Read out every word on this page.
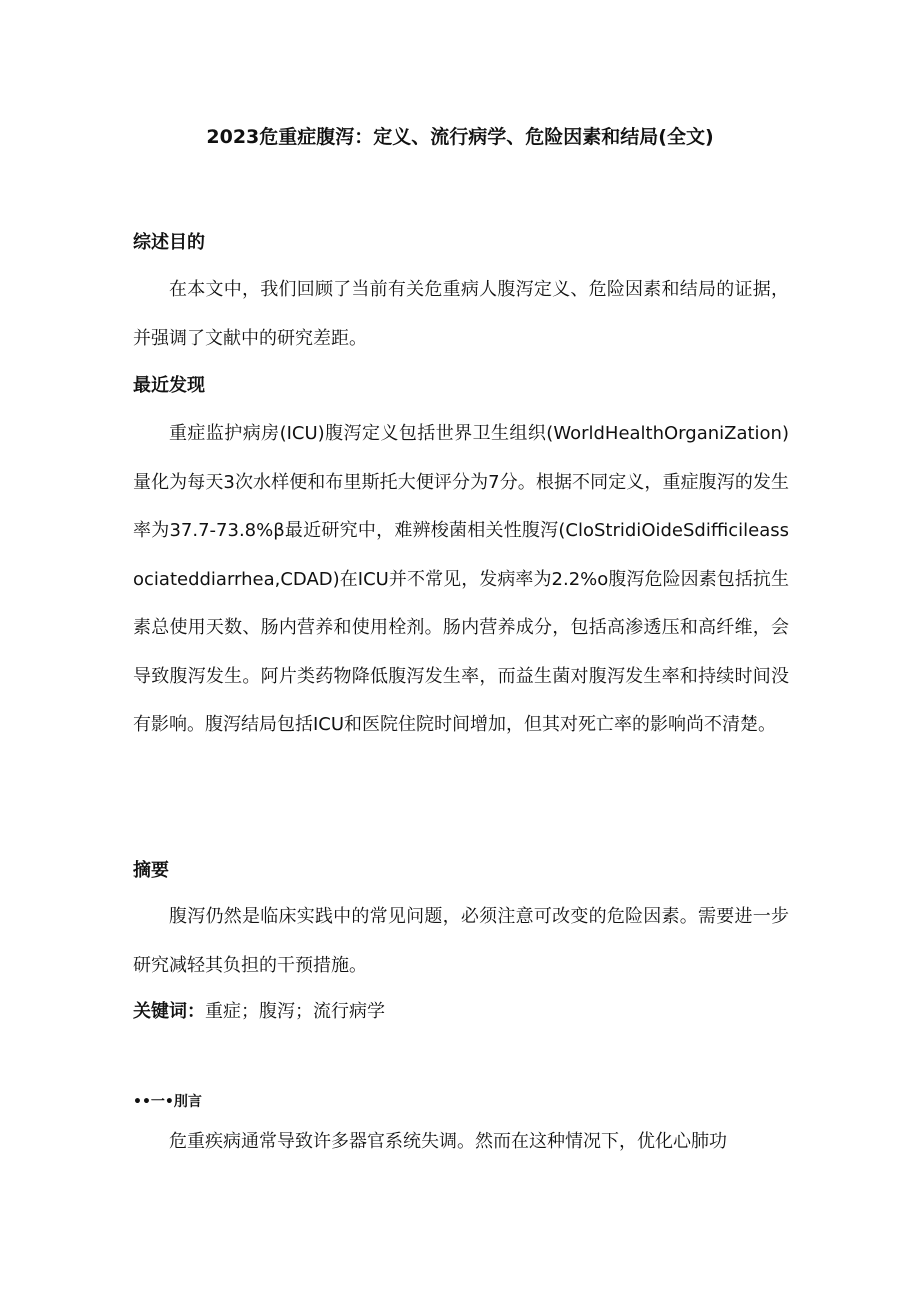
2023危重症腹泻：定义、流行病学、危险因素和结局(全文)
综述目的
在本文中，我们回顾了当前有关危重病人腹泻定义、危险因素和结局的证据，并强调了文献中的研究差距。
最近发现
重症监护病房(ICU)腹泻定义包括世界卫生组织(WorldHealthOrganiZation)量化为每天3次水样便和布里斯托大便评分为7分。根据不同定义，重症腹泻的发生率为37.7-73.8%β最近研究中，难辨梭菌相关性腹泻(CloStridiOideSdifficileassociateddiarrhea,CDAD)在ICU并不常见，发病率为2.2%o腹泻危险因素包括抗生素总使用天数、肠内营养和使用栓剂。肠内营养成分，包括高渗透压和高纤维，会导致腹泻发生。阿片类药物降低腹泻发生率，而益生菌对腹泻发生率和持续时间没有影响。腹泻结局包括ICU和医院住院时间增加，但其对死亡率的影响尚不清楚。
摘要
腹泻仍然是临床实践中的常见问题，必须注意可改变的危险因素。需要进一步研究减轻其负担的干预措施。
关键词：重症；腹泻；流行病学
••一•刖言
危重疾病通常导致许多器官系统失调。然而在这种情况下，优化心肺功
